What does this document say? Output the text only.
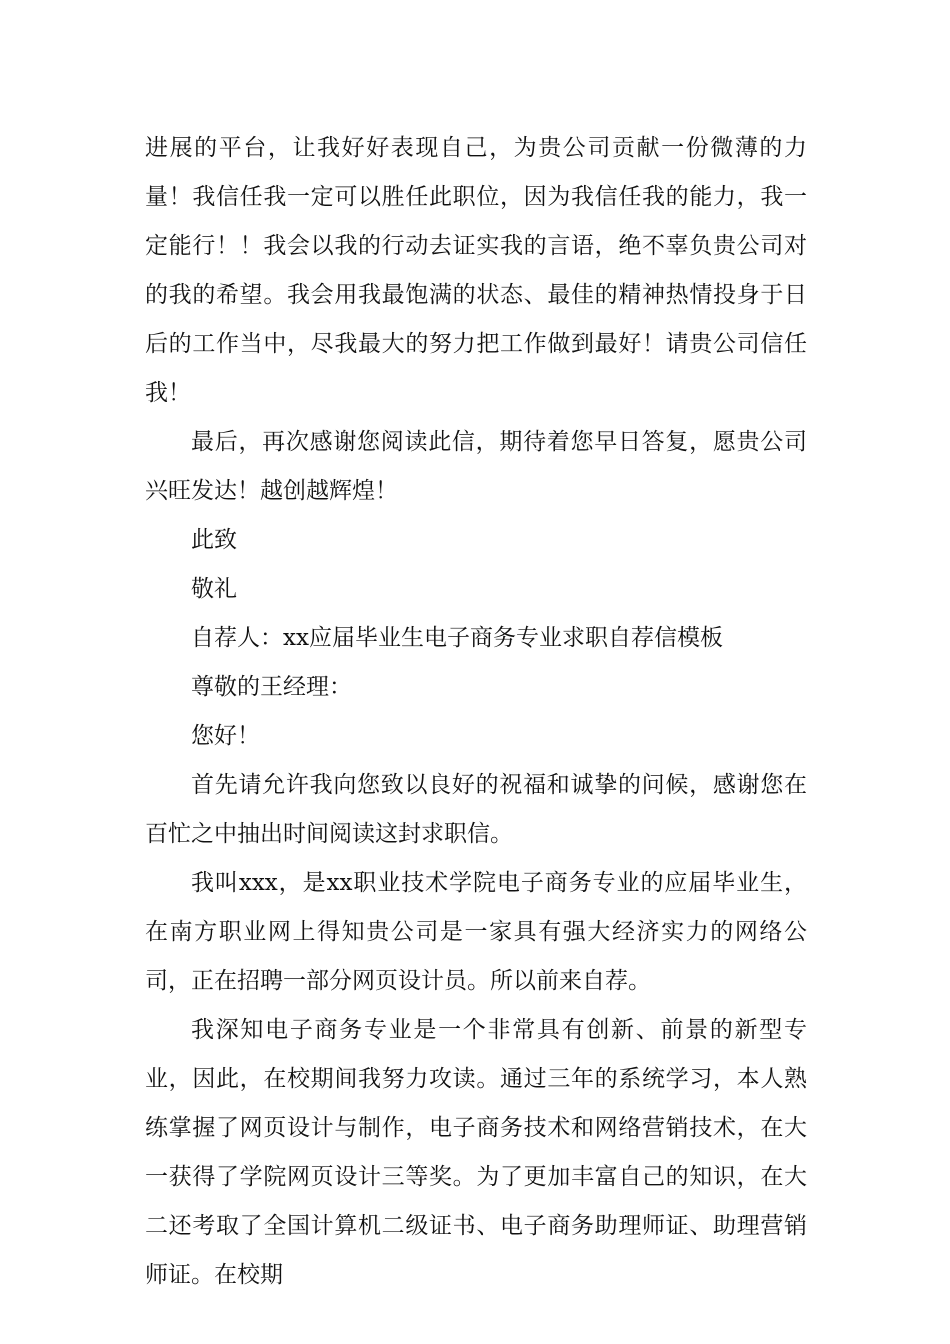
进展的平台，让我好好表现自己，为贵公司贡献一份微薄的力量！我信任我一定可以胜任此职位，因为我信任我的能力，我一定能行！！我会以我的行动去证实我的言语，绝不辜负贵公司对的我的希望。我会用我最饱满的状态、最佳的精神热情投身于日后的工作当中，尽我最大的努力把工作做到最好！请贵公司信任我！

最后，再次感谢您阅读此信，期待着您早日答复，愿贵公司兴旺发达！越创越辉煌！

此致

敬礼

自荐人：xx应届毕业生电子商务专业求职自荐信模板

尊敬的王经理：

您好！

首先请允许我向您致以良好的祝福和诚挚的问候，感谢您在百忙之中抽出时间阅读这封求职信。

我叫xxx，是xx职业技术学院电子商务专业的应届毕业生，在南方职业网上得知贵公司是一家具有强大经济实力的网络公司，正在招聘一部分网页设计员。所以前来自荐。

我深知电子商务专业是一个非常具有创新、前景的新型专业，因此，在校期间我努力攻读。通过三年的系统学习，本人熟练掌握了网页设计与制作，电子商务技术和网络营销技术，在大一获得了学院网页设计三等奖。为了更加丰富自己的知识，在大二还考取了全国计算机二级证书、电子商务助理师证、助理营销师证。在校期
